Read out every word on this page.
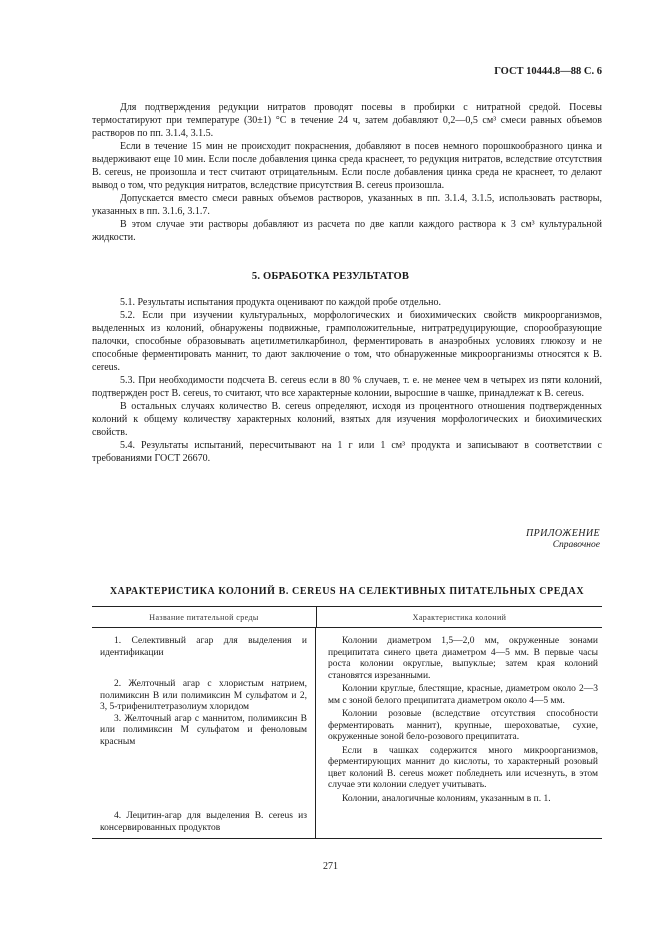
ГОСТ 10444.8—88 С. 6

Для подтверждения редукции нитратов проводят посевы в пробирки с нитратной средой. Посевы термостатируют при температуре (30±1) °С в течение 24 ч, затем добавляют 0,2—0,5 см³ смеси равных объемов растворов по пп. 3.1.4, 3.1.5.

Если в течение 15 мин не происходит покраснения, добавляют в посев немного порошкообразного цинка и выдерживают еще 10 мин. Если после добавления цинка среда краснеет, то редукция нитратов, вследствие отсутствия В. cereus, не произошла и тест считают отрицательным. Если после добавления цинка среда не краснеет, то делают вывод о том, что редукция нитратов, вследствие присутствия В. cereus произошла.

Допускается вместо смеси равных объемов растворов, указанных в пп. 3.1.4, 3.1.5, использовать растворы, указанных в пп. 3.1.6, 3.1.7.

В этом случае эти растворы добавляют из расчета по две капли каждого раствора к 3 см³ культуральной жидкости.

5. ОБРАБОТКА РЕЗУЛЬТАТОВ

5.1. Результаты испытания продукта оценивают по каждой пробе отдельно.

5.2. Если при изучении культуральных, морфологических и биохимических свойств микроорганизмов, выделенных из колоний, обнаружены подвижные, грамположительные, нитратредуцирующие, спорообразующие палочки, способные образовывать ацетилметилкарбинол, ферментировать в анаэробных условиях глюкозу и не способные ферментировать маннит, то дают заключение о том, что обнаруженные микроорганизмы относятся к В. cereus.

5.3. При необходимости подсчета В. cereus если в 80 % случаев, т. е. не менее чем в четырех из пяти колоний, подтвержден рост В. cereus, то считают, что все характерные колонии, выросшие в чашке, принадлежат к В. cereus.

В остальных случаях количество В. cereus определяют, исходя из процентного отношения подтвержденных колоний к общему количеству характерных колоний, взятых для изучения морфологических и биохимических свойств.

5.4. Результаты испытаний, пересчитывают на 1 г или 1 см³ продукта и записывают в соответствии с требованиями ГОСТ 26670.

ПРИЛОЖЕНИЕ
Справочное
ХАРАКТЕРИСТИКА КОЛОНИЙ В. CEREUS НА СЕЛЕКТИВНЫХ ПИТАТЕЛЬНЫХ СРЕДАХ
Название питательной среды	Характеристика колоний

1. Селективный агар для выделения и идентификации

2. Желточный агар с хлористым натрием, полимиксин В или полимиксин М сульфатом и 2, 3, 5-трифенилтетразолиум хлоридом

3. Желточный агар с маннитом, полимиксин В или полимиксин М сульфатом и феноловым красным

4. Лецитин-агар для выделения В. cereus из консервированных продуктов

Колонии диаметром 1,5—2,0 мм, окруженные зонами преципитата синего цвета диаметром 4—5 мм. В первые часы роста колонии округлые, выпуклые; затем края колоний становятся изрезанными.

Колонии круглые, блестящие, красные, диаметром около 2—3 мм с зоной белого преципитата диаметром около 4—5 мм.

Колонии розовые (вследствие отсутствия способности ферментировать маннит), крупные, шероховатые, сухие, окруженные зоной бело-розового преципитата.

Если в чашках содержится много микроорганизмов, ферментирующих маннит до кислоты, то характерный розовый цвет колоний В. cereus может побледнеть или исчезнуть, в этом случае эти колонии следует учитывать.

Колонии, аналогичные колониям, указанным в п. 1.

271
